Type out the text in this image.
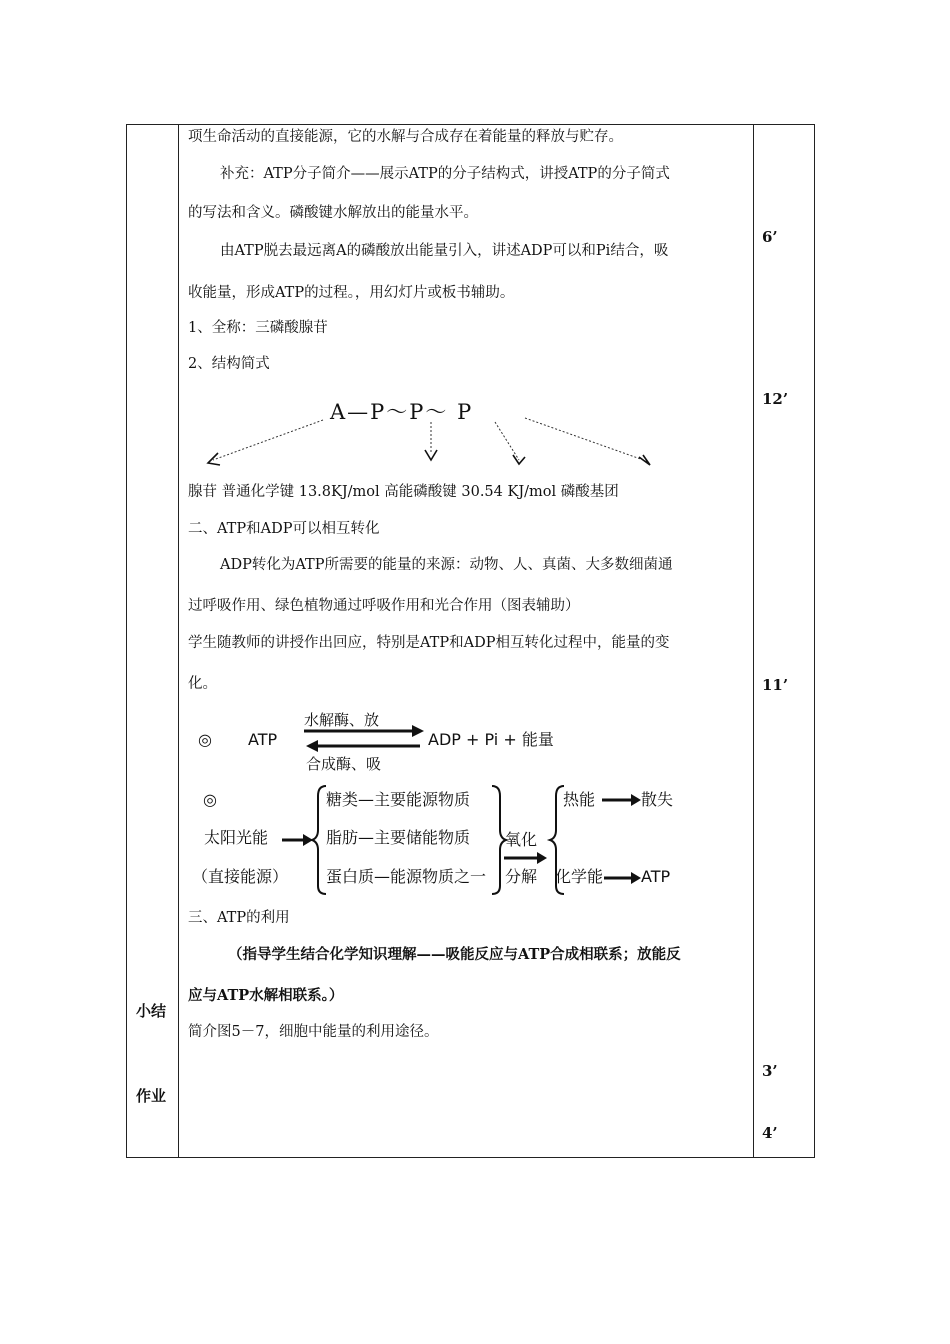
小结
作业
6’
12’
11’
3’
4’
项生命活动的直接能源，它的水解与合成存在着能量的释放与贮存。
补充：ATP分子简介——展示ATP的分子结构式，讲授ATP的分子简式
的写法和含义。磷酸键水解放出的能量水平。
由ATP脱去最远离A的磷酸放出能量引入，讲述ADP可以和Pi结合，吸
收能量，形成ATP的过程。，用幻灯片或板书辅助。
1、全称：三磷酸腺苷
2、结构简式
A—P～P～ P
腺苷 普通化学键 13.8KJ/mol 高能磷酸键 30.54 KJ/mol 磷酸基团
二、ATP和ADP可以相互转化
ADP转化为ATP所需要的能量的来源：动物、人、真菌、大多数细菌通
过呼吸作用、绿色植物通过呼吸作用和光合作用（图表辅助）
学生随教师的讲授作出回应，特别是ATP和ADP相互转化过程中，能量的变
化。
◎ ATP
水解酶、放
合成酶、吸
ADP + Pi + 能量
◎
太阳光能
（直接能源）
糖类—主要能源物质
脂肪—主要储能物质
蛋白质—能源物质之一
氧化
分解
热能	散失
化学能 ATP
三、ATP的利用
（指导学生结合化学知识理解——吸能反应与ATP合成相联系；放能反
应与ATP水解相联系。）
简介图5－7，细胞中能量的利用途径。
